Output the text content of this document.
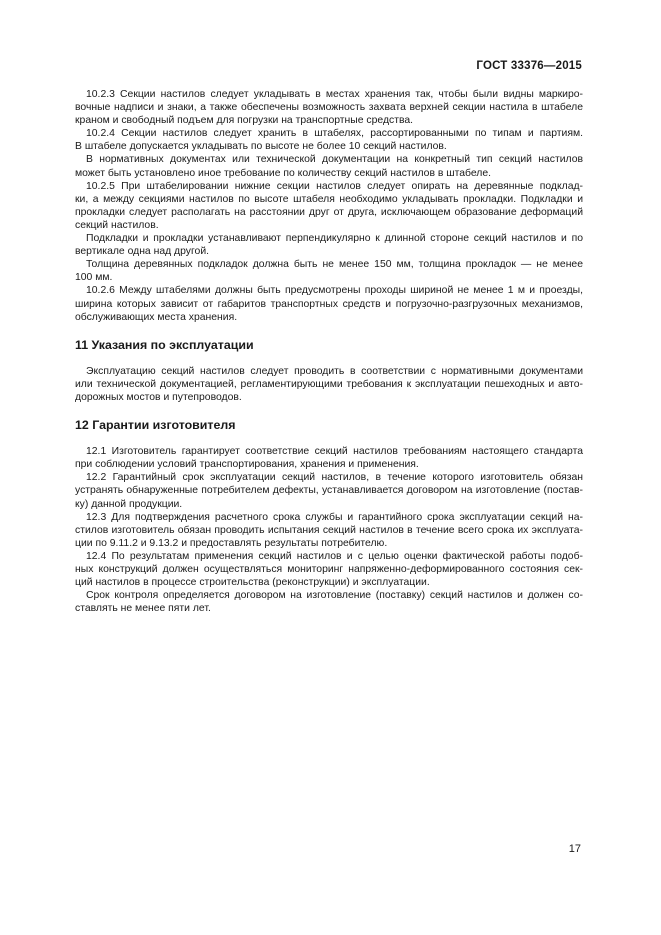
ГОСТ 33376—2015
10.2.3 Секции настилов следует укладывать в местах хранения так, чтобы были видны маркиро-
вочные надписи и знаки, а также обеспечены возможность захвата верхней секции настила в штабеле
краном и свободный подъем для погрузки на транспортные средства.
10.2.4 Секции настилов следует хранить в штабелях, рассортированными по типам и партиям.
В штабеле допускается укладывать по высоте не более 10 секций настилов.
В нормативных документах или технической документации на конкретный тип секций настилов
может быть установлено иное требование по количеству секций настилов в штабеле.
10.2.5 При штабелировании нижние секции настилов следует опирать на деревянные подклад-
ки, а между секциями настилов по высоте штабеля необходимо укладывать прокладки. Подкладки и
прокладки следует располагать на расстоянии друг от друга, исключающем образование деформаций
секций настилов.
Подкладки и прокладки устанавливают перпендикулярно к длинной стороне секций настилов и по
вертикале одна над другой.
Толщина деревянных подкладок должна быть не менее 150 мм, толщина прокладок — не менее
100 мм.
10.2.6 Между штабелями должны быть предусмотрены проходы шириной не менее 1 м и проезды,
ширина которых зависит от габаритов транспортных средств и погрузочно-разгрузочных механизмов,
обслуживающих места хранения.
11 Указания по эксплуатации
Эксплуатацию секций настилов следует проводить в соответствии с нормативными документами
или технической документацией, регламентирующими требования к эксплуатации пешеходных и авто-
дорожных мостов и путепроводов.
12 Гарантии изготовителя
12.1 Изготовитель гарантирует соответствие секций настилов требованиям настоящего стандарта
при соблюдении условий транспортирования, хранения и применения.
12.2 Гарантийный срок эксплуатации секций настилов, в течение которого изготовитель обязан
устранять обнаруженные потребителем дефекты, устанавливается договором на изготовление (постав-
ку) данной продукции.
12.3 Для подтверждения расчетного срока службы и гарантийного срока эксплуатации секций на-
стилов изготовитель обязан проводить испытания секций настилов в течение всего срока их эксплуата-
ции по 9.11.2 и 9.13.2 и предоставлять результаты потребителю.
12.4 По результатам применения секций настилов и с целью оценки фактической работы подоб-
ных конструкций должен осуществляться мониторинг напряженно-деформированного состояния сек-
ций настилов в процессе строительства (реконструкции) и эксплуатации.
Срок контроля определяется договором на изготовление (поставку) секций настилов и должен со-
ставлять не менее пяти лет.
17
